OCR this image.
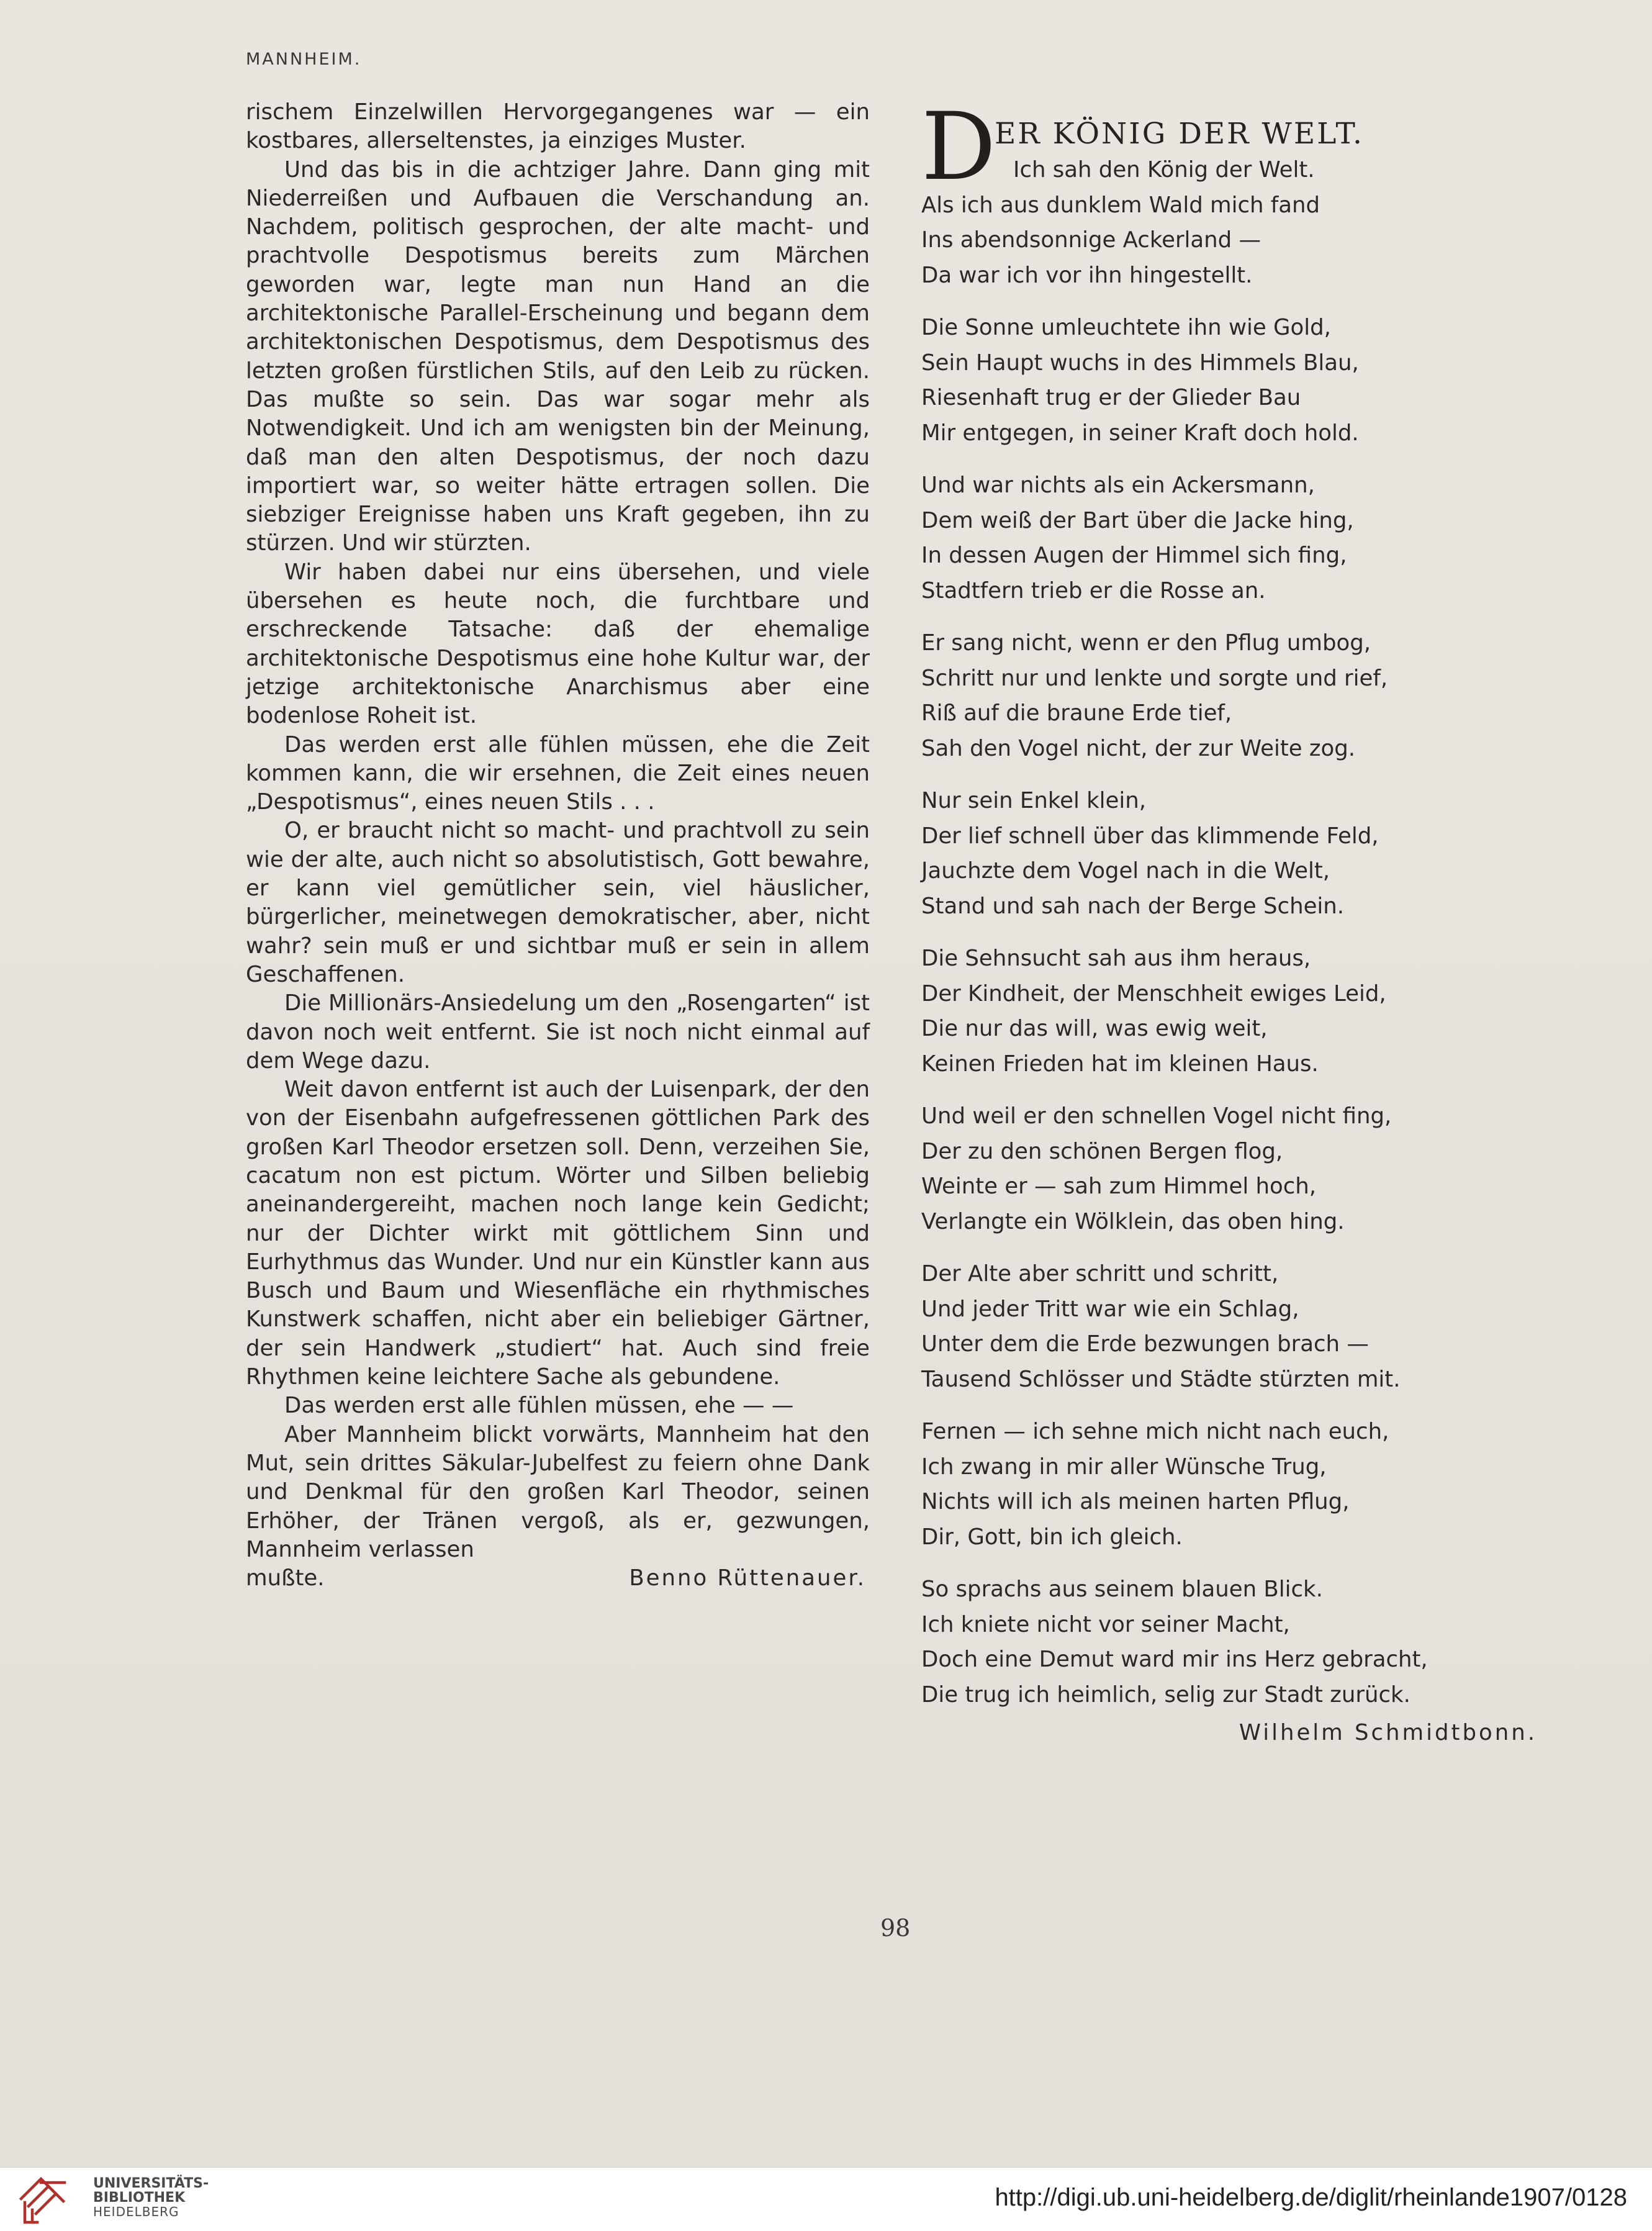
MANNHEIM.

rischem Einzelwillen Hervorgegangenes war — ein kostbares, allerseltenstes, ja einziges Muster.

Und das bis in die achtziger Jahre. Dann ging mit Niederreißen und Aufbauen die Verschandung an. Nachdem, politisch gesprochen, der alte macht- und prachtvolle Despotismus bereits zum Märchen geworden war, legte man nun Hand an die architektonische Parallel-Erscheinung und begann dem architektonischen Despotismus, dem Despotismus des letzten großen fürstlichen Stils, auf den Leib zu rücken. Das mußte so sein. Das war sogar mehr als Notwendigkeit. Und ich am wenigsten bin der Meinung, daß man den alten Despotismus, der noch dazu importiert war, so weiter hätte ertragen sollen. Die siebziger Ereignisse haben uns Kraft gegeben, ihn zu stürzen. Und wir stürzten.

Wir haben dabei nur eins übersehen, und viele übersehen es heute noch, die furchtbare und erschreckende Tatsache: daß der ehemalige architektonische Despotismus eine hohe Kultur war, der jetzige architektonische Anarchismus aber eine bodenlose Roheit ist.

Das werden erst alle fühlen müssen, ehe die Zeit kommen kann, die wir ersehnen, die Zeit eines neuen „Despotismus“, eines neuen Stils . . .

O, er braucht nicht so macht- und prachtvoll zu sein wie der alte, auch nicht so absolutistisch, Gott bewahre, er kann viel gemütlicher sein, viel häuslicher, bürgerlicher, meinetwegen demokratischer, aber, nicht wahr? sein muß er und sichtbar muß er sein in allem Geschaffenen.

Die Millionärs-Ansiedelung um den „Rosengarten“ ist davon noch weit entfernt. Sie ist noch nicht einmal auf dem Wege dazu.

Weit davon entfernt ist auch der Luisenpark, der den von der Eisenbahn aufgefressenen göttlichen Park des großen Karl Theodor ersetzen soll. Denn, verzeihen Sie, cacatum non est pictum. Wörter und Silben beliebig aneinandergereiht, machen noch lange kein Gedicht; nur der Dichter wirkt mit göttlichem Sinn und Eurhythmus das Wunder. Und nur ein Künstler kann aus Busch und Baum und Wiesenfläche ein rhythmisches Kunstwerk schaffen, nicht aber ein beliebiger Gärtner, der sein Handwerk „studiert“ hat. Auch sind freie Rhythmen keine leichtere Sache als gebundene.

Das werden erst alle fühlen müssen, ehe — —

Aber Mannheim blickt vorwärts, Mannheim hat den Mut, sein drittes Säkular-Jubelfest zu feiern ohne Dank und Denkmal für den großen Karl Theodor, seinen Erhöher, der Tränen vergoß, als er, gezwungen, Mannheim verlassen

mußte.	Benno Rüttenauer.
D
ER KÖNIG DER WELT.
Ich sah den König der Welt.
Als ich aus dunklem Wald mich fand
Ins abendsonnige Ackerland —
Da war ich vor ihn hingestellt.
Die Sonne umleuchtete ihn wie Gold,
Sein Haupt wuchs in des Himmels Blau,
Riesenhaft trug er der Glieder Bau
Mir entgegen, in seiner Kraft doch hold.
Und war nichts als ein Ackersmann,
Dem weiß der Bart über die Jacke hing,
In dessen Augen der Himmel sich fing,
Stadtfern trieb er die Rosse an.
Er sang nicht, wenn er den Pflug umbog,
Schritt nur und lenkte und sorgte und rief,
Riß auf die braune Erde tief,
Sah den Vogel nicht, der zur Weite zog.
Nur sein Enkel klein,
Der lief schnell über das klimmende Feld,
Jauchzte dem Vogel nach in die Welt,
Stand und sah nach der Berge Schein.
Die Sehnsucht sah aus ihm heraus,
Der Kindheit, der Menschheit ewiges Leid,
Die nur das will, was ewig weit,
Keinen Frieden hat im kleinen Haus.
Und weil er den schnellen Vogel nicht fing,
Der zu den schönen Bergen flog,
Weinte er — sah zum Himmel hoch,
Verlangte ein Wölklein, das oben hing.
Der Alte aber schritt und schritt,
Und jeder Tritt war wie ein Schlag,
Unter dem die Erde bezwungen brach —
Tausend Schlösser und Städte stürzten mit.
Fernen — ich sehne mich nicht nach euch,
Ich zwang in mir aller Wünsche Trug,
Nichts will ich als meinen harten Pflug,
Dir, Gott, bin ich gleich.
So sprachs aus seinem blauen Blick.
Ich kniete nicht vor seiner Macht,
Doch eine Demut ward mir ins Herz gebracht,
Die trug ich heimlich, selig zur Stadt zurück.
Wilhelm Schmidtbonn.
98
UNIVERSITÄTS-
BIBLIOTHEK
HEIDELBERG
http://digi.ub.uni-heidelberg.de/diglit/rheinlande1907/0128
